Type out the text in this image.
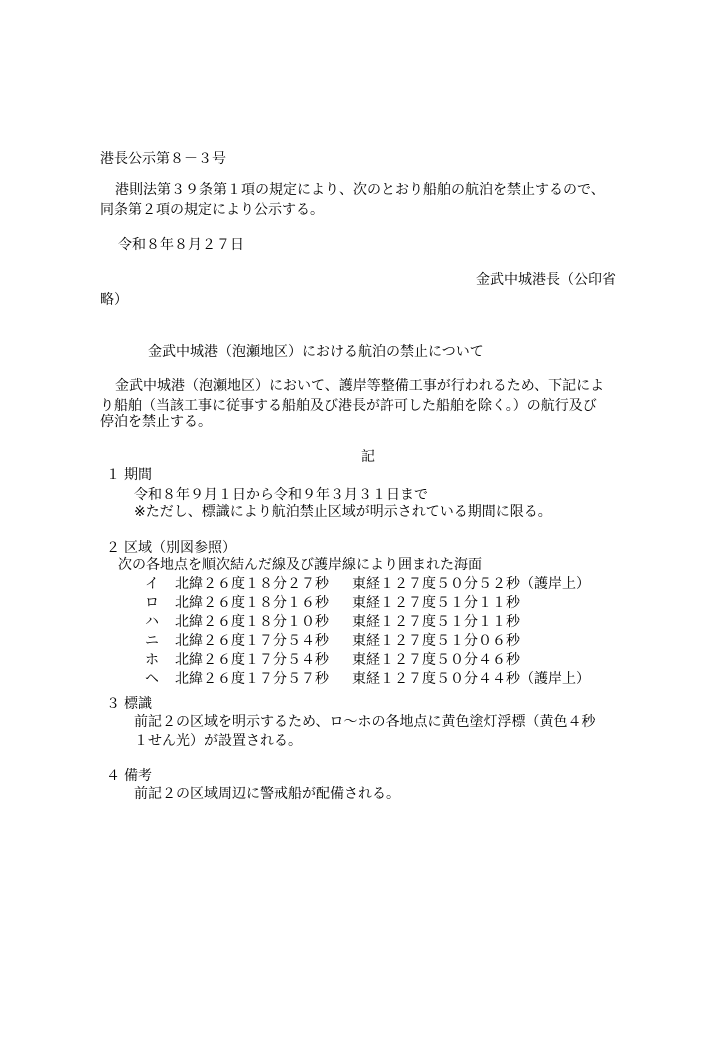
港長公示第８－３号
港則法第３９条第１項の規定により、次のとおり船舶の航泊を禁止するので、
同条第２項の規定により公示する。
令和８年８月２７日
金武中城港長（公印省
略）
金武中城港（泡瀬地区）における航泊の禁止について
金武中城港（泡瀬地区）において、護岸等整備工事が行われるため、下記によ
り船舶（当該工事に従事する船舶及び港長が許可した船舶を除く。）の航行及び
停泊を禁止する。
記
１ 期間
令和８年９月１日から令和９年３月３１日まで
※ただし、標識により航泊禁止区域が明示されている期間に限る。
２ 区域（別図参照）
次の各地点を順次結んだ線及び護岸線により囲まれた海面
イ 北緯２６度１８分２７秒 東経１２７度５０分５２秒（護岸上）
ロ 北緯２６度１８分１６秒 東経１２７度５１分１１秒
ハ 北緯２６度１８分１０秒 東経１２７度５１分１１秒
ニ 北緯２６度１７分５４秒 東経１２７度５１分０６秒
ホ 北緯２６度１７分５４秒 東経１２７度５０分４６秒
ヘ 北緯２６度１７分５７秒 東経１２７度５０分４４秒（護岸上）
３ 標識
前記２の区域を明示するため、ロ～ホの各地点に黄色塗灯浮標（黄色４秒
１せん光）が設置される。
４ 備考
前記２の区域周辺に警戒船が配備される。
